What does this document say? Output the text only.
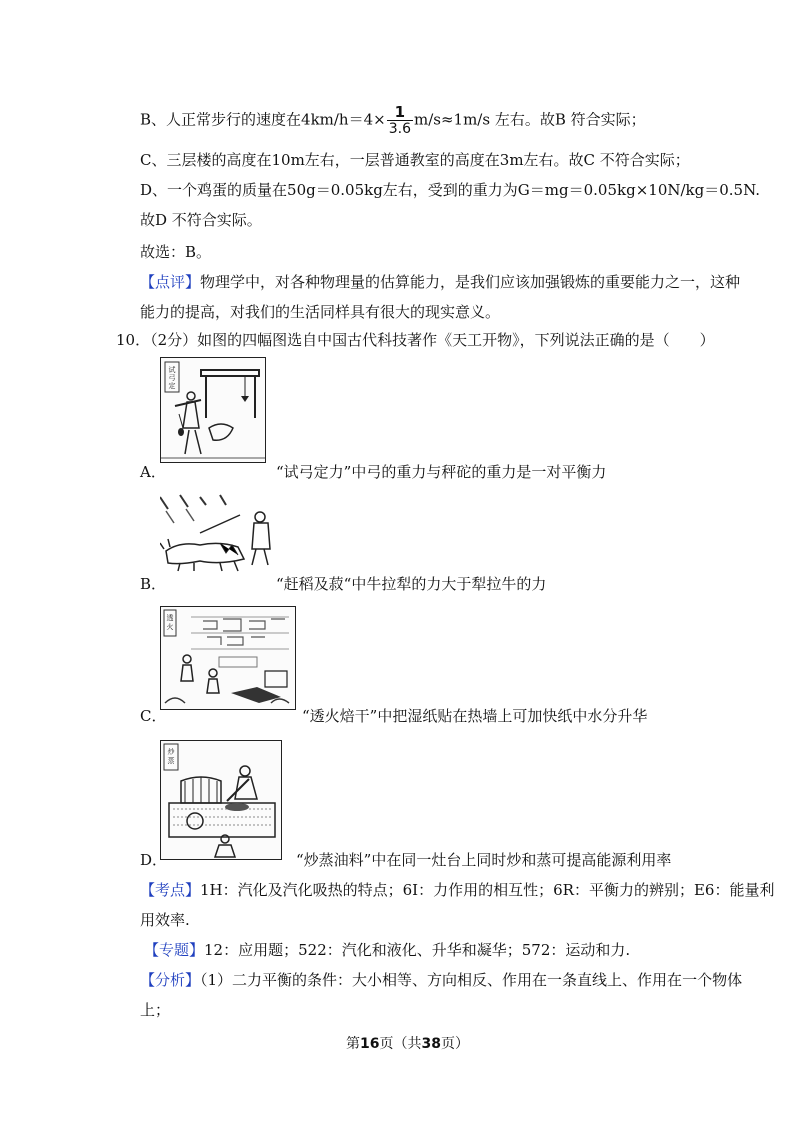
B、人正常步行的速度在$4km/h=4\times \frac{1}{3.6} m/s\approx 1m/s$ 左右。故B 符合实际；
C、三层楼的高度在10m左右，一层普通教室的高度在3m左右。故C 不符合实际；
D、一个鸡蛋的质量在50g＝0.05kg左右，受到的重力为G＝mg＝0.05kg×10N/kg＝0.5N.
故D 不符合实际。
故选：B。
【点评】物理学中，对各种物理量的估算能力，是我们应该加强锻炼的重要能力之一，这种
能力的提高，对我们的生活同样具有很大的现实意义。
10．（2分）如图的四幅图选自中国古代科技著作《天工开物》，下列说法正确的是（　　）
试
弓
定
A．	“试弓定力”中弓的重力与秤砣的重力是一对平衡力
B．	“赶稻及菽“中牛拉犁的力大于犁拉牛的力
透
火
C．	“透火焙干”中把湿纸贴在热墙上可加快纸中水分升华
炒
蒸
D．	“炒蒸油料”中在同一灶台上同时炒和蒸可提高能源利用率
【考点】1H：汽化及汽化吸热的特点；6I：力作用的相互性；6R：平衡力的辨别；E6：能量利
用效率.
【专题】12：应用题；522：汽化和液化、升华和凝华；572：运动和力.
【分析】（1）二力平衡的条件：大小相等、方向相反、作用在一条直线上、作用在一个物体
上；
第16页（共38页）
